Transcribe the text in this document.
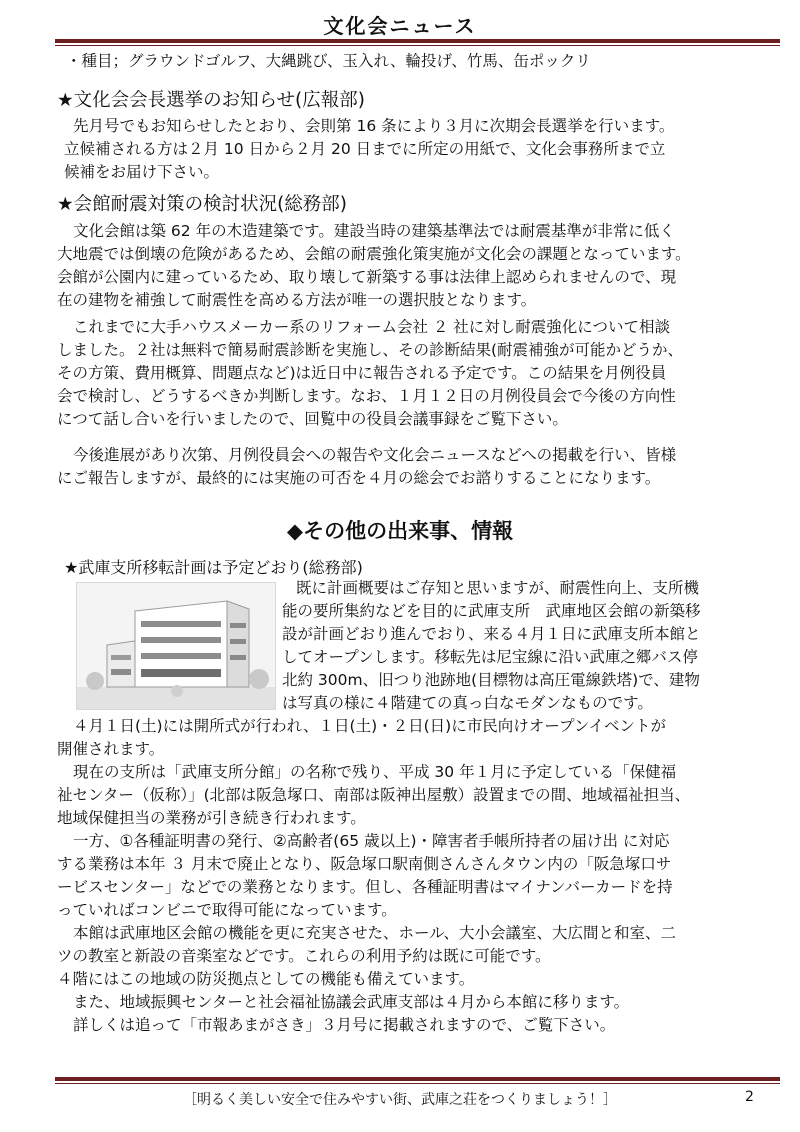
文化会ニュース
・種目；グラウンドゴルフ、大縄跳び、玉入れ、輪投げ、竹馬、缶ポックリ
★文化会会長選挙のお知らせ(広報部)
先月号でもお知らせしたとおり、会則第 16 条により３月に次期会長選挙を行います。
立候補される方は２月 10 日から２月 20 日までに所定の用紙で、文化会事務所まで立
候補をお届け下さい。
★会館耐震対策の検討状況(総務部)
文化会館は築 62 年の木造建築です。建設当時の建築基準法では耐震基準が非常に低く
大地震では倒壊の危険があるため、会館の耐震強化策実施が文化会の課題となっています。
会館が公園内に建っているため、取り壊して新築する事は法律上認められませんので、現
在の建物を補強して耐震性を高める方法が唯一の選択肢となります。
これまでに大手ハウスメーカー系のリフォーム会社 ２ 社に対し耐震強化について相談
しました。２社は無料で簡易耐震診断を実施し、その診断結果(耐震補強が可能かどうか、
その方策、費用概算、問題点など)は近日中に報告される予定です。この結果を月例役員
会で検討し、どうするべきか判断します。なお、１月１２日の月例役員会で今後の方向性
につて話し合いを行いましたので、回覧中の役員会議事録をご覧下さい。
今後進展があり次第、月例役員会への報告や文化会ニュースなどへの掲載を行い、皆様
にご報告しますが、最終的には実施の可否を４月の総会でお諮りすることになります。
◆その他の出来事、情報
★武庫支所移転計画は予定どおり(総務部)
既に計画概要はご存知と思いますが、耐震性向上、支所機
能の要所集約などを目的に武庫支所　武庫地区会館の新築移
設が計画どおり進んでおり、来る４月１日に武庫支所本館と
してオープンします。移転先は尼宝線に沿い武庫之郷バス停
北約 300m、旧つり池跡地(目標物は高圧電線鉄塔)で、建物
は写真の様に４階建ての真っ白なモダンなものです。
４月１日(土)には開所式が行われ、１日(土)・２日(日)に市民向けオープンイベントが
開催されます。
現在の支所は「武庫支所分館」の名称で残り、平成 30 年１月に予定している「保健福
祉センター（仮称）」(北部は阪急塚口、南部は阪神出屋敷）設置までの間、地域福祉担当、
地域保健担当の業務が引き続き行われます。
一方、①各種証明書の発行、②高齢者(65 歳以上)・障害者手帳所持者の届け出 に対応
する業務は本年 ３ 月末で廃止となり、阪急塚口駅南側さんさんタウン内の「阪急塚口サ
ービスセンター」などでの業務となります。但し、各種証明書はマイナンバーカードを持
っていればコンビニで取得可能になっています。
本館は武庫地区会館の機能を更に充実させた、ホール、大小会議室、大広間と和室、二
ツの教室と新設の音楽室などです。これらの利用予約は既に可能です。
４階にはこの地域の防災拠点としての機能も備えています。
また、地域振興センターと社会福祉協議会武庫支部は４月から本館に移ります。
詳しくは追って「市報あまがさき」３月号に掲載されますので、ご覧下さい。
［明るく美しい安全で住みやすい街、武庫之荘をつくりましょう！］	2
